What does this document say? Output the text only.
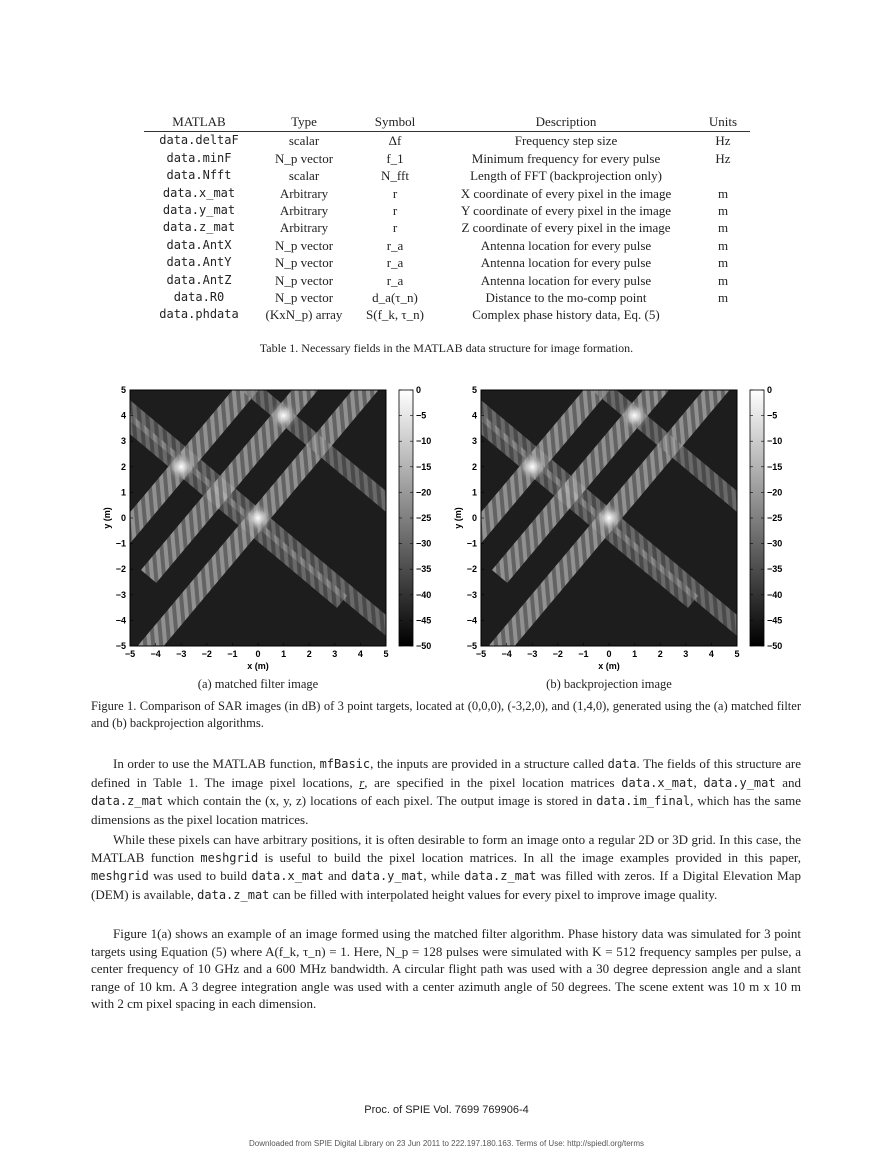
MATLAB	Type	Symbol	Description	Units
data.deltaF	scalar	Δf	Frequency step size	Hz
data.minF	N_p vector	f_1	Minimum frequency for every pulse	Hz
data.Nfft	scalar	N_fft	Length of FFT (backprojection only)	
data.x_mat	Arbitrary	r	X coordinate of every pixel in the image	m
data.y_mat	Arbitrary	r	Y coordinate of every pixel in the image	m
data.z_mat	Arbitrary	r	Z coordinate of every pixel in the image	m
data.AntX	N_p vector	r_a	Antenna location for every pulse	m
data.AntY	N_p vector	r_a	Antenna location for every pulse	m
data.AntZ	N_p vector	r_a	Antenna location for every pulse	m
data.R0	N_p vector	d_a(τ_n)	Distance to the mo-comp point	m
data.phdata	(KxN_p) array	S(f_k, τ_n)	Complex phase history data, Eq. (5)	
Table 1. Necessary fields in the MATLAB data structure for image formation.
−5 −4 −3 −2 −1 0 1 2 3 4 5
5
4
3
2
1
0
−1
−2
−3
−4
−5
x (m)
y (m)
0
−5
−10
−15
−20
−25
−30
−35
−40
−45
−50
−5 −4 −3 −2 −1 0 1 2 3 4 5
5
4
3
2
1
0
−1
−2
−3
−4
−5
x (m)
y (m)
0
−5
−10
−15
−20
−25
−30
−35
−40
−45
−50
(a) matched filter image	(b) backprojection image
Figure 1. Comparison of SAR images (in dB) of 3 point targets, located at (0,0,0), (-3,2,0), and (1,4,0), generated using the (a) matched filter and (b) backprojection algorithms.
In order to use the MATLAB function, mfBasic, the inputs are provided in a structure called data. The fields of this structure are defined in Table 1. The image pixel locations, r, are specified in the pixel location matrices data.x_mat, data.y_mat and data.z_mat which contain the (x, y, z) locations of each pixel. The output image is stored in data.im_final, which has the same dimensions as the pixel location matrices.
While these pixels can have arbitrary positions, it is often desirable to form an image onto a regular 2D or 3D grid. In this case, the MATLAB function meshgrid is useful to build the pixel location matrices. In all the image examples provided in this paper, meshgrid was used to build data.x_mat and data.y_mat, while data.z_mat was filled with zeros. If a Digital Elevation Map (DEM) is available, data.z_mat can be filled with interpolated height values for every pixel to improve image quality.
Figure 1(a) shows an example of an image formed using the matched filter algorithm. Phase history data was simulated for 3 point targets using Equation (5) where A(f_k, τ_n) = 1. Here, N_p = 128 pulses were simulated with K = 512 frequency samples per pulse, a center frequency of 10 GHz and a 600 MHz bandwidth. A circular flight path was used with a 30 degree depression angle and a slant range of 10 km. A 3 degree integration angle was used with a center azimuth angle of 50 degrees. The scene extent was 10 m x 10 m with 2 cm pixel spacing in each dimension.
Proc. of SPIE Vol. 7699 769906-4
Downloaded from SPIE Digital Library on 23 Jun 2011 to 222.197.180.163. Terms of Use: http://spiedl.org/terms
